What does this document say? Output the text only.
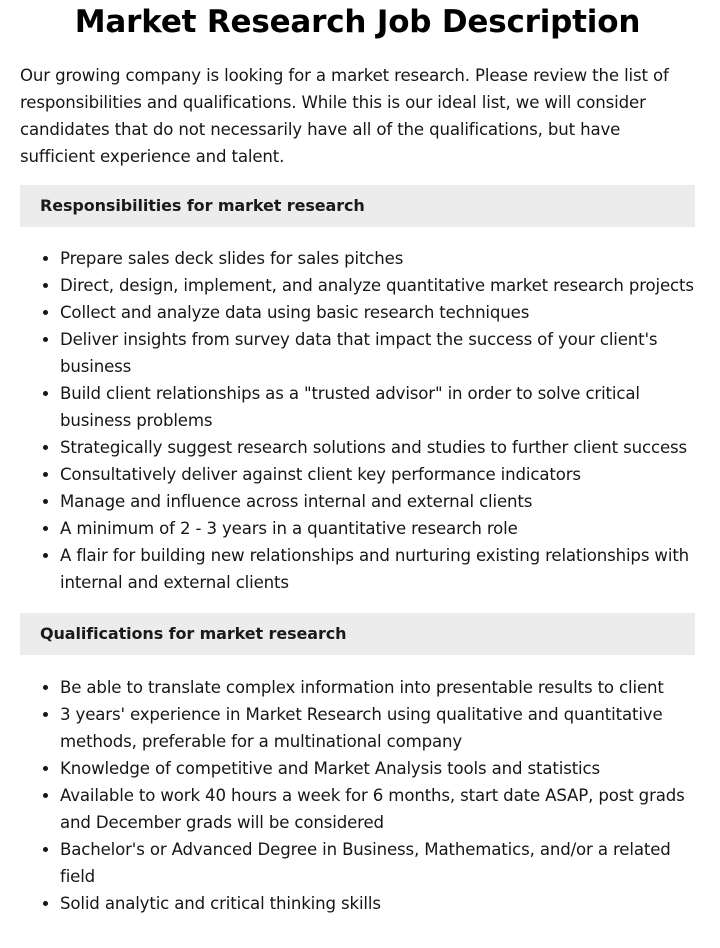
Market Research Job Description

Our growing company is looking for a market research. Please review the list of responsibilities and qualifications. While this is our ideal list, we will consider candidates that do not necessarily have all of the qualifications, but have sufficient experience and talent.

Responsibilities for market research
Prepare sales deck slides for sales pitches
Direct, design, implement, and analyze quantitative market research projects
Collect and analyze data using basic research techniques
Deliver insights from survey data that impact the success of your client's business
Build client relationships as a "trusted advisor" in order to solve critical business problems
Strategically suggest research solutions and studies to further client success
Consultatively deliver against client key performance indicators
Manage and influence across internal and external clients
A minimum of 2 - 3 years in a quantitative research role
A flair for building new relationships and nurturing existing relationships with internal and external clients
Qualifications for market research
Be able to translate complex information into presentable results to client
3 years' experience in Market Research using qualitative and quantitative methods, preferable for a multinational company
Knowledge of competitive and Market Analysis tools and statistics
Available to work 40 hours a week for 6 months, start date ASAP, post grads and December grads will be considered
Bachelor's or Advanced Degree in Business, Mathematics, and/or a related field
Solid analytic and critical thinking skills
